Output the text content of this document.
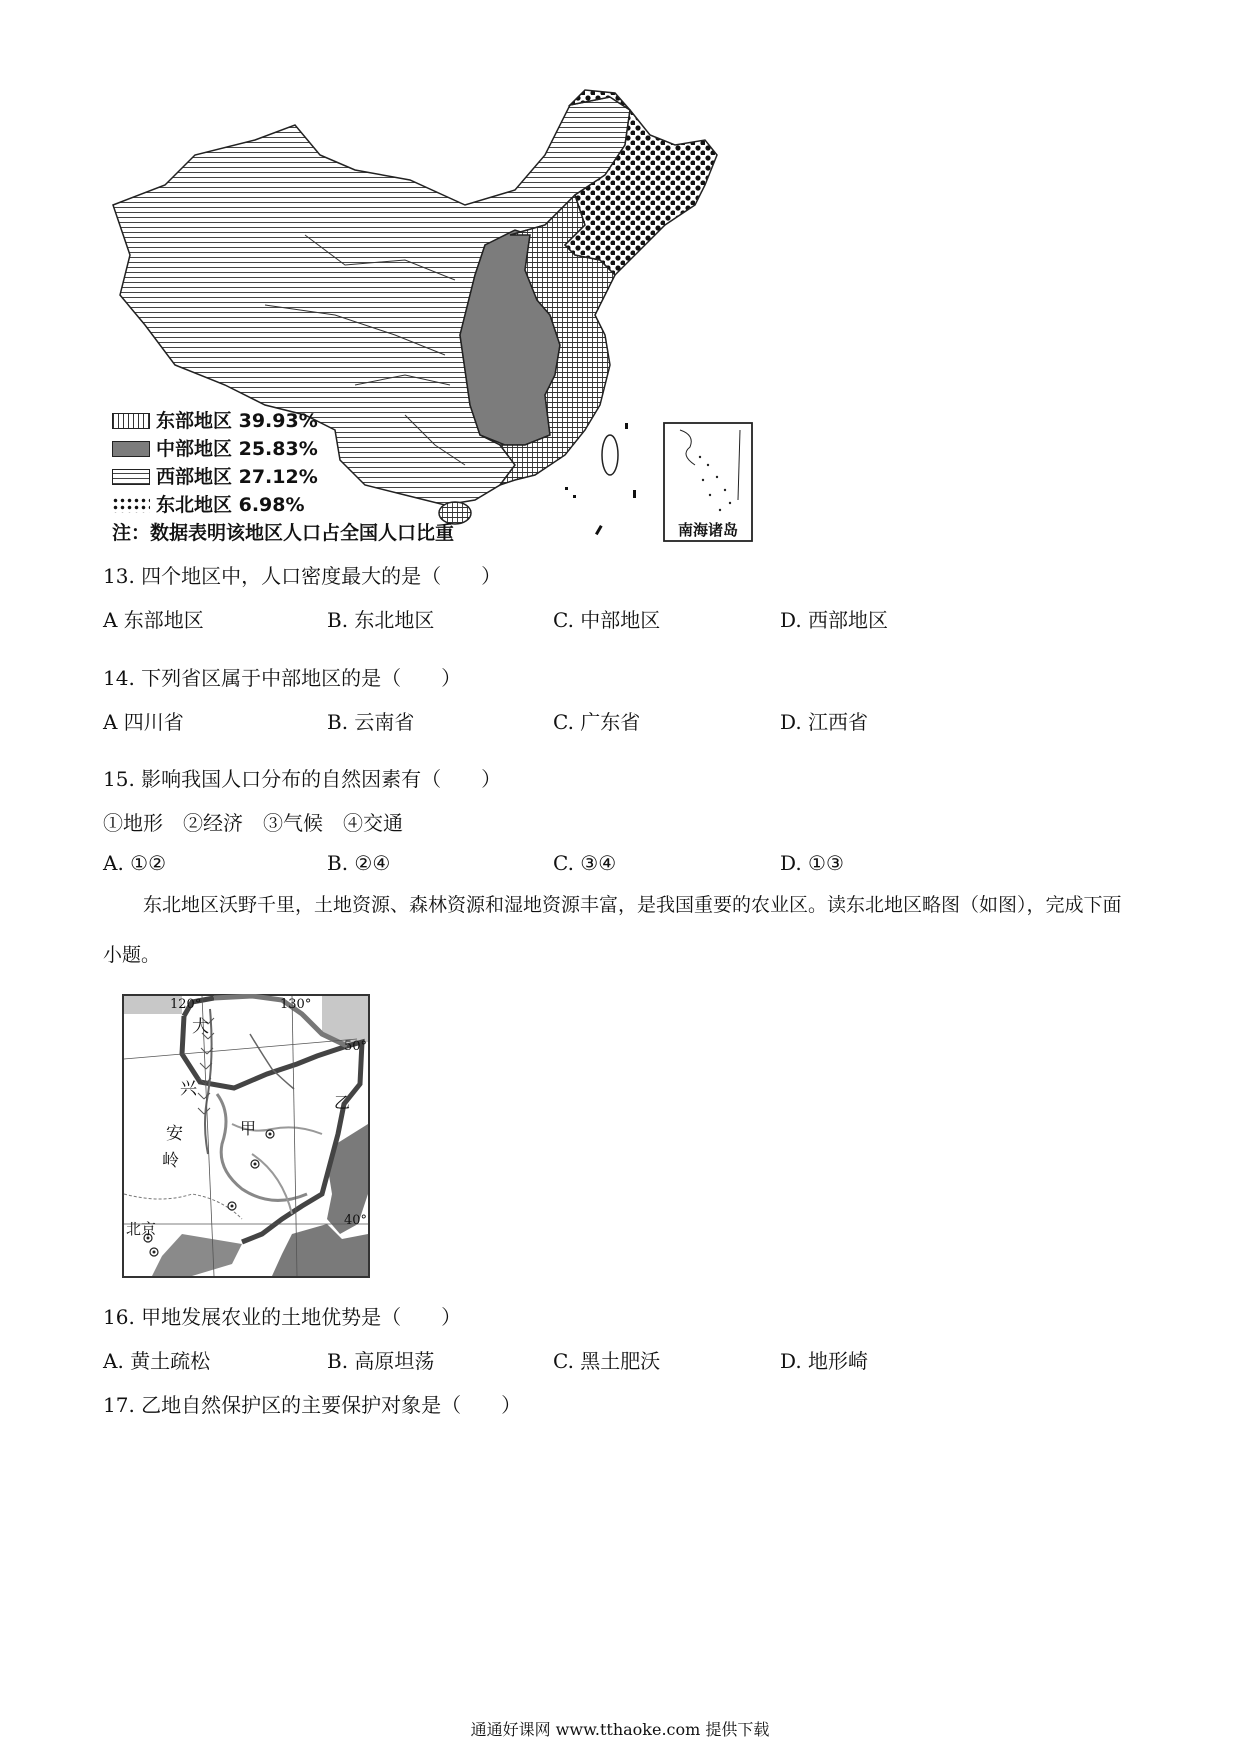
南海诸岛
东部地区 39.93%
中部地区 25.83%
西部地区 27.12%
东北地区 6.98%
注：数据表明该地区人口占全国人口比重
13. 四个地区中，人口密度最大的是（　　）
A 东部地区	B. 东北地区	C. 中部地区	D. 西部地区
14. 下列省区属于中部地区的是（　　）
A 四川省	B. 云南省	C. 广东省	D. 江西省
15. 影响我国人口分布的自然因素有（　　）
①地形　②经济　③气候　④交通
A. ①②	B. ②④	C. ③④	D. ①③
东北地区沃野千里，土地资源、森林资源和湿地资源丰富，是我国重要的农业区。读东北地区略图（如图），完成下面小题。
120°	130°
50°
40°
大
兴
安
岭
甲
乙
北京
16. 甲地发展农业的土地优势是（　　）
A. 黄土疏松	B. 高原坦荡	C. 黑土肥沃	D. 地形崎
17. 乙地自然保护区的主要保护对象是（　　）
通通好课网 www.tthaoke.com 提供下载
